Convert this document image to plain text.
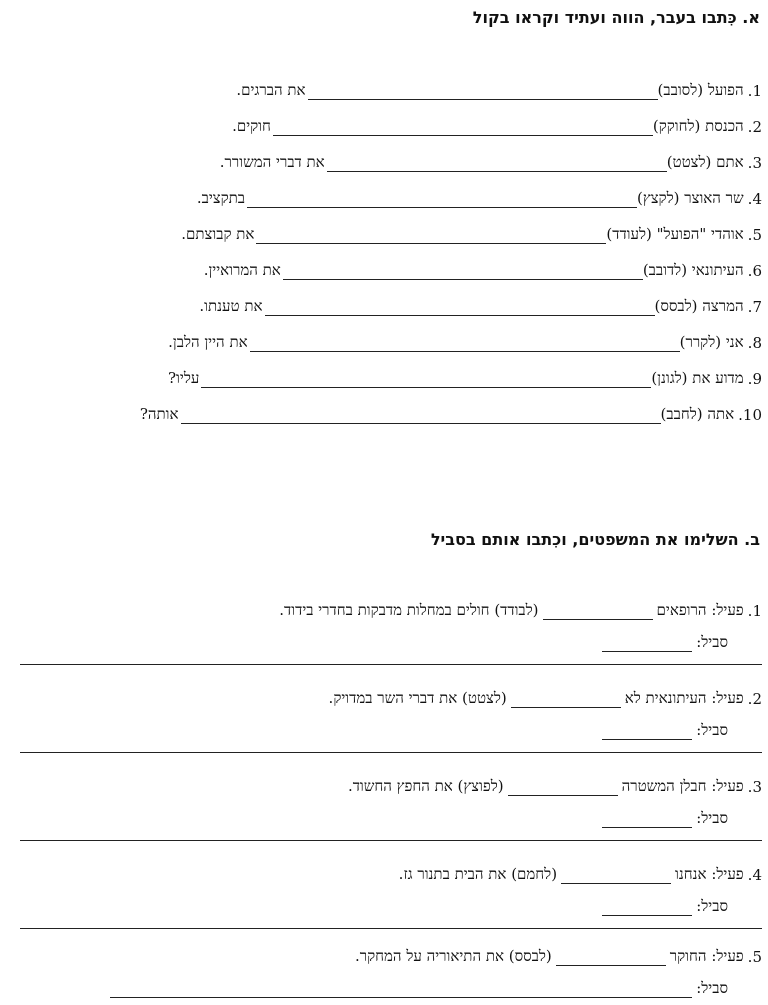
א. כִּתבו בעבר, הווה ועתיד וקראו בקול
1.
הפועל (לסובב)
את הברגים.
2.
הכנסת (לחוקק)
חוקים.
3.
אתם (לצטט)
את דברי המשורר.
4.
שר האוצר (לקצץ)
בתקציב.
5.
אוהדי "הפועל" (לעודד)
את קבוצתם.
6.
העיתונאי (לדובב)
את המרואיין.
7.
המרצה (לבסס)
את טענתו.
8.
אני (לקרר)
את היין הלבן.
9.
מדוע את (לגונן)
עליו?
10.
אתה (לחבב)
אותה?
ב. השלימו את המשפטים, וכִתבו אותם בסביל
1.
פעיל:

הרופאים
(לבודד) חולים במחלות מדבקות בחדרי בידוד.
סביל:
2.
פעיל:

העיתונאית לא
(לצטט) את דברי השר במדויק.
סביל:
3.
פעיל:

חבלן המשטרה
(לפוצץ) את החפץ החשוד.
סביל:
4.
פעיל:

אנחנו
(לחמם) את הבית בתנור גז.
סביל:
5.
פעיל:

החוקר
(לבסס) את התיאוריה על המחקר.
סביל:
